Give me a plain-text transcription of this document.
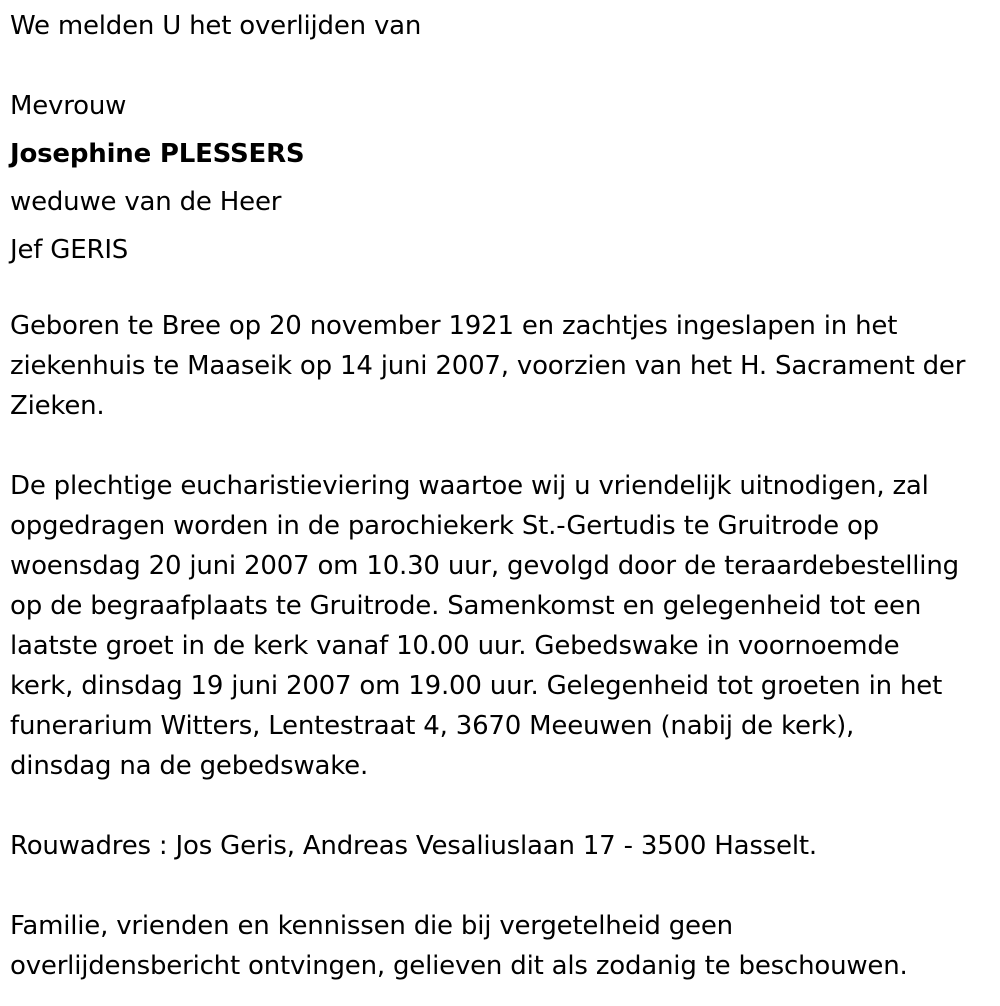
We melden U het overlijden van

Mevrouw

Josephine PLESSERS

weduwe van de Heer

Jef GERIS

Geboren te Bree op 20 november 1921 en zachtjes ingeslapen in het

ziekenhuis te Maaseik op 14 juni 2007, voorzien van het H. Sacrament der

Zieken.

De plechtige eucharistieviering waartoe wij u vriendelijk uitnodigen, zal

opgedragen worden in de parochiekerk St.-Gertudis te Gruitrode op

woensdag 20 juni 2007 om 10.30 uur, gevolgd door de teraardebestelling

op de begraafplaats te Gruitrode. Samenkomst en gelegenheid tot een

laatste groet in de kerk vanaf 10.00 uur. Gebedswake in voornoemde

kerk, dinsdag 19 juni 2007 om 19.00 uur. Gelegenheid tot groeten in het

funerarium Witters, Lentestraat 4, 3670 Meeuwen (nabij de kerk),

dinsdag na de gebedswake.

Rouwadres : Jos Geris, Andreas Vesaliuslaan 17 - 3500 Hasselt.

Familie, vrienden en kennissen die bij vergetelheid geen

overlijdensbericht ontvingen, gelieven dit als zodanig te beschouwen.
